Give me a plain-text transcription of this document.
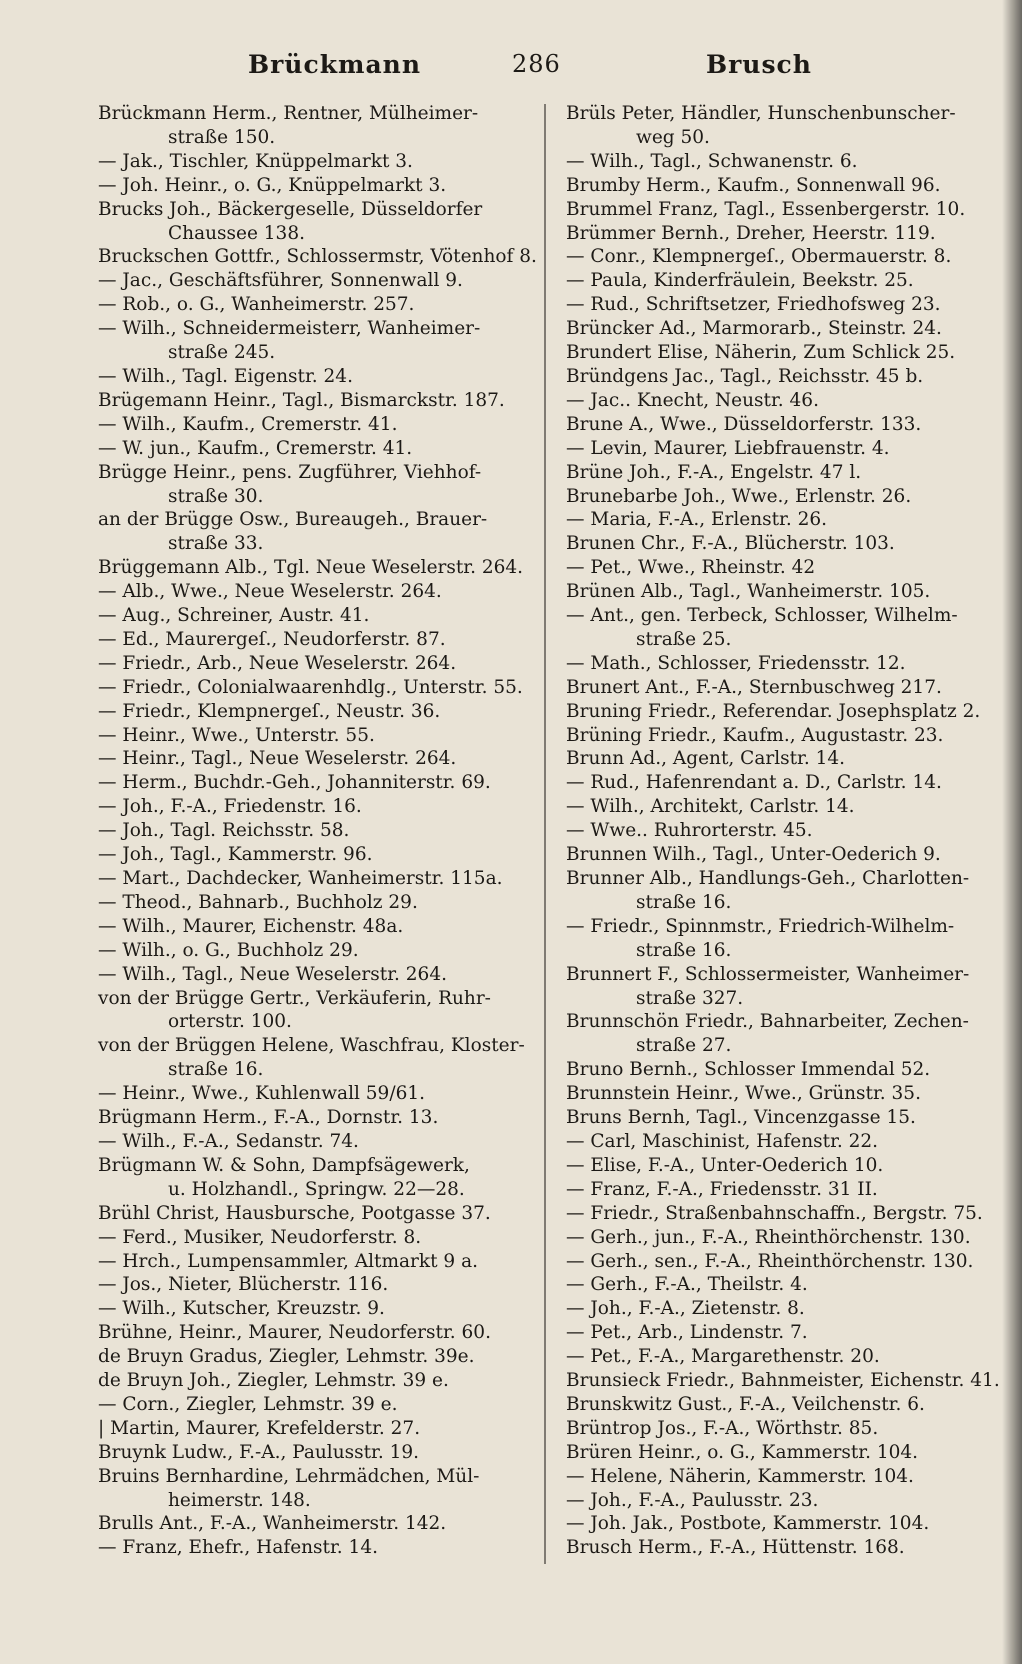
Brückmann	286	Brusch
Brückmann Herm., Rentner, Mülheimer-
straße 150.
— Jak., Tischler, Knüppelmarkt 3.
— Joh. Heinr., o. G., Knüppelmarkt 3.
Brucks Joh., Bäckergeselle, Düsseldorfer
Chaussee 138.
Bruckschen Gottfr., Schlossermstr, Vötenhof 8.
— Jac., Geschäftsführer, Sonnenwall 9.
— Rob., o. G., Wanheimerstr. 257.
— Wilh., Schneidermeisterr, Wanheimer-
straße 245.
— Wilh., Tagl. Eigenstr. 24.
Brügemann Heinr., Tagl., Bismarckstr. 187.
— Wilh., Kaufm., Cremerstr. 41.
— W. jun., Kaufm., Cremerstr. 41.
Brügge Heinr., pens. Zugführer, Viehhof-
straße 30.
an der Brügge Osw., Bureaugeh., Brauer-
straße 33.
Brüggemann Alb., Tgl. Neue Weselerstr. 264.
— Alb., Wwe., Neue Weselerstr. 264.
— Aug., Schreiner, Austr. 41.
— Ed., Maurergeſ., Neudorferstr. 87.
— Friedr., Arb., Neue Weselerstr. 264.
— Friedr., Colonialwaarenhdlg., Unterstr. 55.
— Friedr., Klempnergeſ., Neustr. 36.
— Heinr., Wwe., Unterstr. 55.
— Heinr., Tagl., Neue Weselerstr. 264.
— Herm., Buchdr.-Geh., Johanniterstr. 69.
— Joh., F.-A., Friedenstr. 16.
— Joh., Tagl. Reichsstr. 58.
— Joh., Tagl., Kammerstr. 96.
— Mart., Dachdecker, Wanheimerstr. 115a.
— Theod., Bahnarb., Buchholz 29.
— Wilh., Maurer, Eichenstr. 48a.
— Wilh., o. G., Buchholz 29.
— Wilh., Tagl., Neue Weselerstr. 264.
von der Brügge Gertr., Verkäuferin, Ruhr-
orterstr. 100.
von der Brüggen Helene, Waschfrau, Kloster-
straße 16.
— Heinr., Wwe., Kuhlenwall 59/61.
Brügmann Herm., F.-A., Dornstr. 13.
— Wilh., F.-A., Sedanstr. 74.
Brügmann W. & Sohn, Dampfsägewerk,
u. Holzhandl., Springw. 22—28.
Brühl Christ, Hausbursche, Pootgasse 37.
— Ferd., Musiker, Neudorferstr. 8.
— Hrch., Lumpensammler, Altmarkt 9 a.
— Jos., Nieter, Blücherstr. 116.
— Wilh., Kutscher, Kreuzstr. 9.
Brühne, Heinr., Maurer, Neudorferstr. 60.
de Bruyn Gradus, Ziegler, Lehmstr. 39e.
de Bruyn Joh., Ziegler, Lehmstr. 39 e.
— Corn., Ziegler, Lehmstr. 39 e.
| Martin, Maurer, Krefelderstr. 27.
Bruynk Ludw., F.-A., Paulusstr. 19.
Bruins Bernhardine, Lehrmädchen, Mül-
heimerstr. 148.
Brulls Ant., F.-A., Wanheimerstr. 142.
— Franz, Ehefr., Hafenstr. 14.
Brüls Peter, Händler, Hunschenbunscher-
weg 50.
— Wilh., Tagl., Schwanenstr. 6.
Brumby Herm., Kaufm., Sonnenwall 96.
Brummel Franz, Tagl., Essenbergerstr. 10.
Brümmer Bernh., Dreher, Heerstr. 119.
— Conr., Klempnergeſ., Obermauerstr. 8.
— Paula, Kinderfräulein, Beekstr. 25.
— Rud., Schriftsetzer, Friedhofsweg 23.
Brüncker Ad., Marmorarb., Steinstr. 24.
Brundert Elise, Näherin, Zum Schlick 25.
Bründgens Jac., Tagl., Reichsstr. 45 b.
— Jac.. Knecht, Neustr. 46.
Brune A., Wwe., Düsseldorferstr. 133.
— Levin, Maurer, Liebfrauenstr. 4.
Brüne Joh., F.-A., Engelstr. 47 l.
Brunebarbe Joh., Wwe., Erlenstr. 26.
— Maria, F.-A., Erlenstr. 26.
Brunen Chr., F.-A., Blücherstr. 103.
— Pet., Wwe., Rheinstr. 42
Brünen Alb., Tagl., Wanheimerstr. 105.
— Ant., gen. Terbeck, Schlosser, Wilhelm-
straße 25.
— Math., Schlosser, Friedensstr. 12.
Brunert Ant., F.-A., Sternbuschweg 217.
Bruning Friedr., Referendar. Josephsplatz 2.
Brüning Friedr., Kaufm., Augustastr. 23.
Brunn Ad., Agent, Carlstr. 14.
— Rud., Hafenrendant a. D., Carlstr. 14.
— Wilh., Architekt, Carlstr. 14.
— Wwe.. Ruhrorterstr. 45.
Brunnen Wilh., Tagl., Unter-Oederich 9.
Brunner Alb., Handlungs-Geh., Charlotten-
straße 16.
— Friedr., Spinnmstr., Friedrich-Wilhelm-
straße 16.
Brunnert F., Schlossermeister, Wanheimer-
straße 327.
Brunnschön Friedr., Bahnarbeiter, Zechen-
straße 27.
Bruno Bernh., Schlosser Immendal 52.
Brunnstein Heinr., Wwe., Grünstr. 35.
Bruns Bernh, Tagl., Vincenzgasse 15.
— Carl, Maschinist, Hafenstr. 22.
— Elise, F.-A., Unter-Oederich 10.
— Franz, F.-A., Friedensstr. 31 II.
— Friedr., Straßenbahnschaffn., Bergstr. 75.
— Gerh., jun., F.-A., Rheinthörchenstr. 130.
— Gerh., sen., F.-A., Rheinthörchenstr. 130.
— Gerh., F.-A., Theilstr. 4.
— Joh., F.-A., Zietenstr. 8.
— Pet., Arb., Lindenstr. 7.
— Pet., F.-A., Margarethenstr. 20.
Brunsieck Friedr., Bahnmeister, Eichenstr. 41.
Brunskwitz Gust., F.-A., Veilchenstr. 6.
Brüntrop Jos., F.-A., Wörthstr. 85.
Brüren Heinr., o. G., Kammerstr. 104.
— Helene, Näherin, Kammerstr. 104.
— Joh., F.-A., Paulusstr. 23.
— Joh. Jak., Postbote, Kammerstr. 104.
Brusch Herm., F.-A., Hüttenstr. 168.
